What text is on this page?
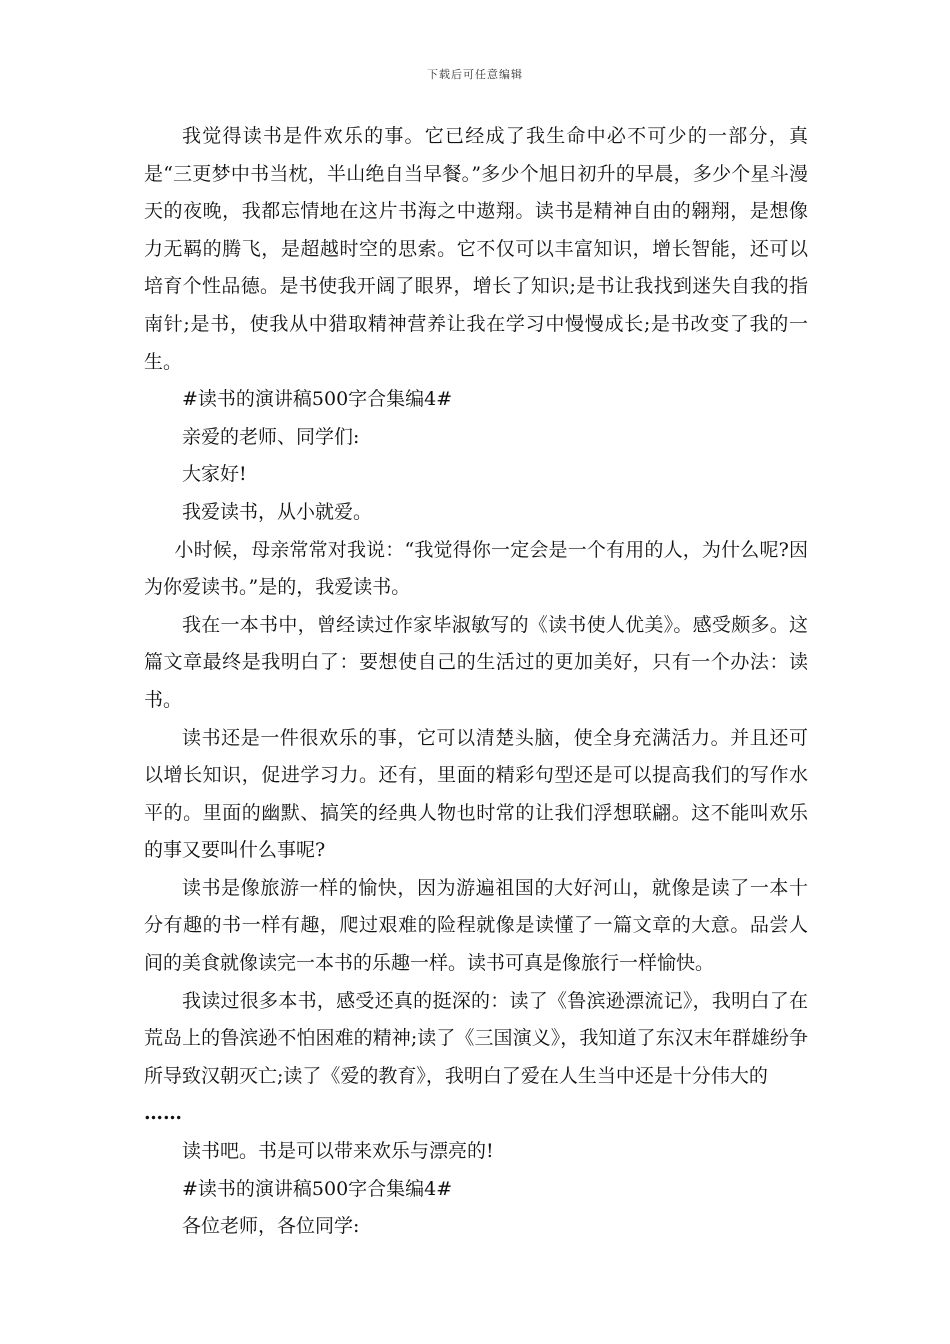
下载后可任意编辑

我觉得读书是件欢乐的事。它已经成了我生命中必不可少的一部分，真是“三更梦中书当枕，半山绝自当早餐。”多少个旭日初升的早晨，多少个星斗漫天的夜晚，我都忘情地在这片书海之中遨翔。读书是精神自由的翱翔，是想像力无羁的腾飞，是超越时空的思索。它不仅可以丰富知识，增长智能，还可以培育个性品德。是书使我开阔了眼界，增长了知识;是书让我找到迷失自我的指南针;是书，使我从中猎取精神营养让我在学习中慢慢成长;是书改变了我的一生。

#读书的演讲稿500字合集编4#

亲爱的老师、同学们:

大家好!

我爱读书，从小就爱。

小时候，母亲常常对我说：“我觉得你一定会是一个有用的人，为什么呢?因为你爱读书。”是的，我爱读书。

我在一本书中，曾经读过作家毕淑敏写的《读书使人优美》。感受颇多。这篇文章最终是我明白了：要想使自己的生活过的更加美好，只有一个办法：读书。

读书还是一件很欢乐的事，它可以清楚头脑，使全身充满活力。并且还可以增长知识，促进学习力。还有，里面的精彩句型还是可以提高我们的写作水平的。里面的幽默、搞笑的经典人物也时常的让我们浮想联翩。这不能叫欢乐的事又要叫什么事呢?

读书是像旅游一样的愉快，因为游遍祖国的大好河山，就像是读了一本十分有趣的书一样有趣，爬过艰难的险程就像是读懂了一篇文章的大意。品尝人间的美食就像读完一本书的乐趣一样。读书可真是像旅行一样愉快。

我读过很多本书，感受还真的挺深的：读了《鲁滨逊漂流记》，我明白了在荒岛上的鲁滨逊不怕困难的精神;读了《三国演义》，我知道了东汉末年群雄纷争所导致汉朝灭亡;读了《爱的教育》，我明白了爱在人生当中还是十分伟大的

……

读书吧。书是可以带来欢乐与漂亮的!

#读书的演讲稿500字合集编4#

各位老师，各位同学:
